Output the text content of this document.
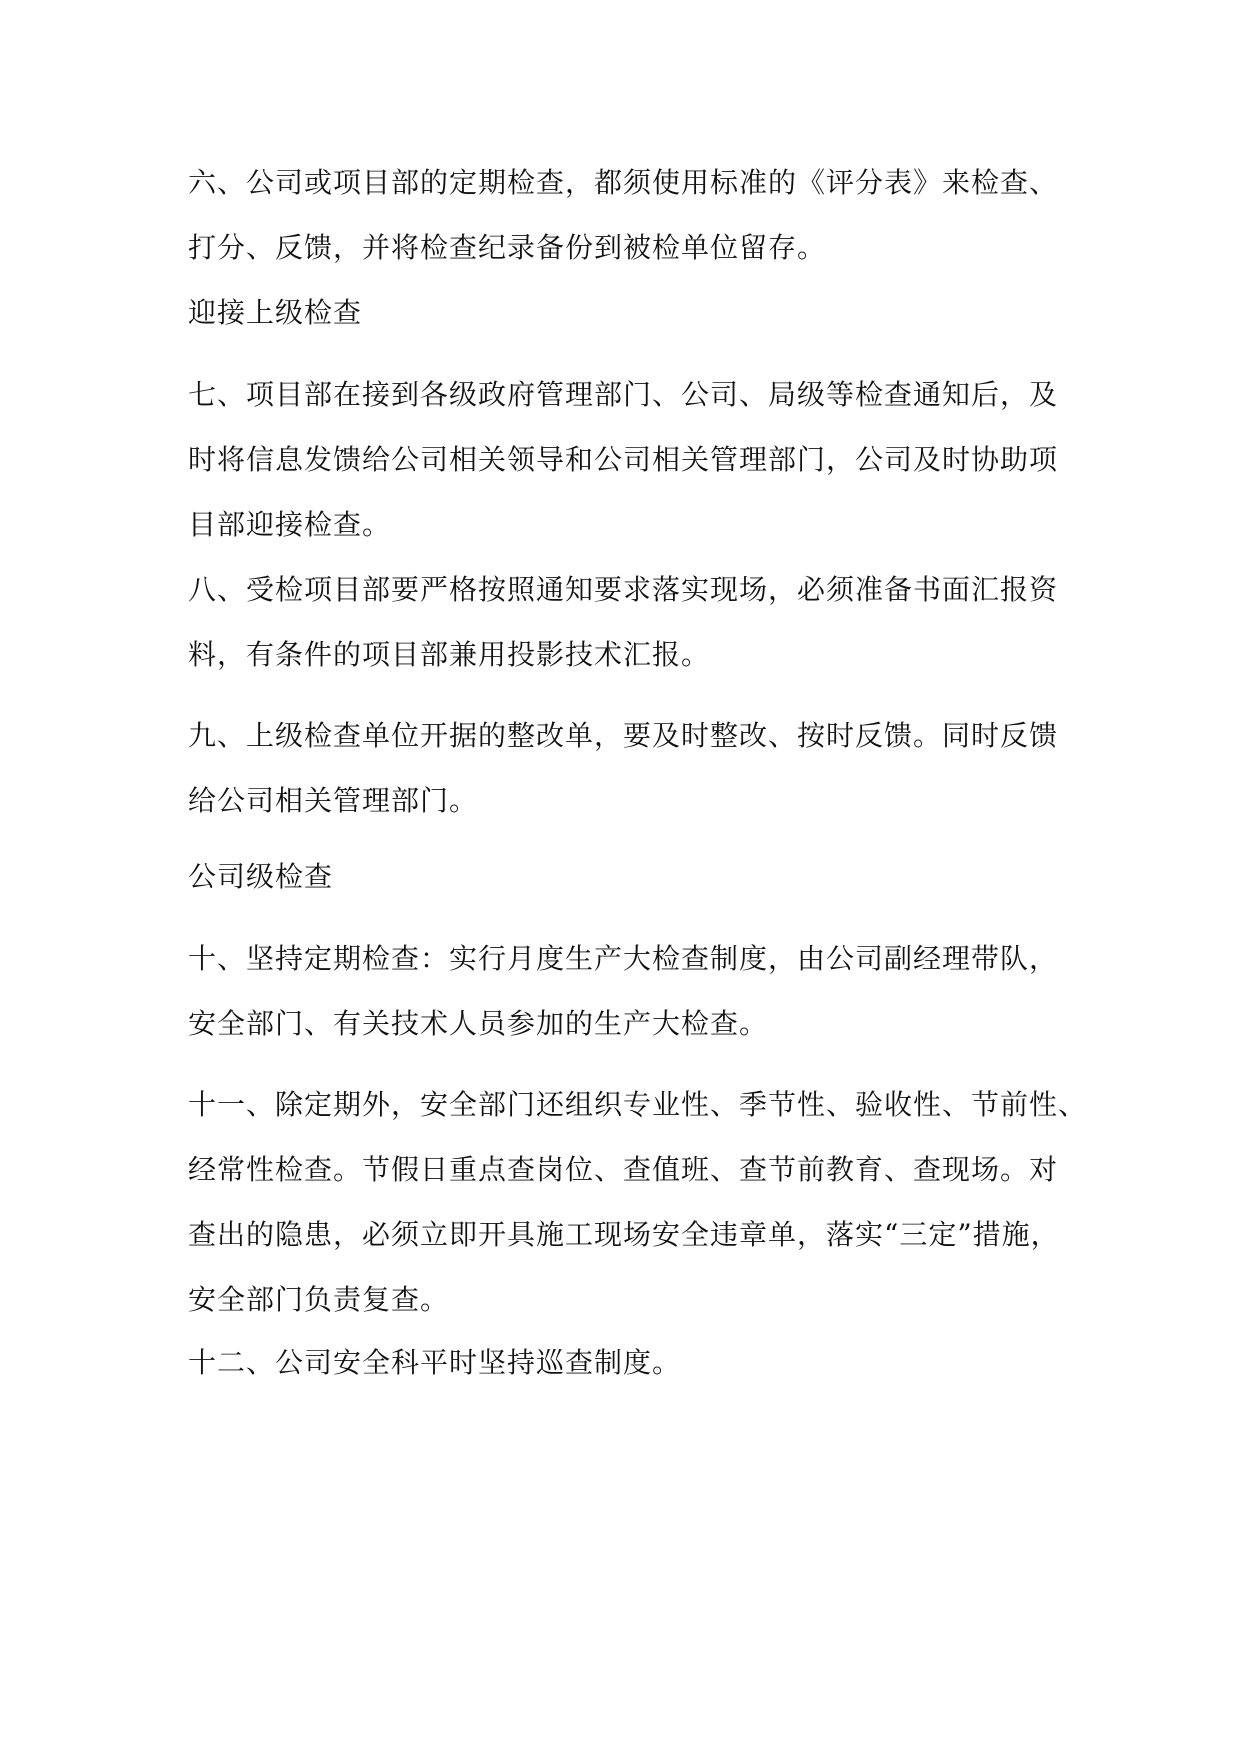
六、公司或项目部的定期检查，都须使用标准的《评分表》来检查、
打分、反馈，并将检查纪录备份到被检单位留存。
迎接上级检查
七、项目部在接到各级政府管理部门、公司、局级等检查通知后，及
时将信息发馈给公司相关领导和公司相关管理部门，公司及时协助项
目部迎接检查。
八、受检项目部要严格按照通知要求落实现场，必须准备书面汇报资
料，有条件的项目部兼用投影技术汇报。
九、上级检查单位开据的整改单，要及时整改、按时反馈。同时反馈
给公司相关管理部门。
公司级检查
十、坚持定期检查：实行月度生产大检查制度，由公司副经理带队，
安全部门、有关技术人员参加的生产大检查。
十一、除定期外，安全部门还组织专业性、季节性、验收性、节前性、
经常性检查。节假日重点查岗位、查值班、查节前教育、查现场。对
查出的隐患，必须立即开具施工现场安全违章单，落实“三定”措施，
安全部门负责复查。
十二、公司安全科平时坚持巡查制度。
